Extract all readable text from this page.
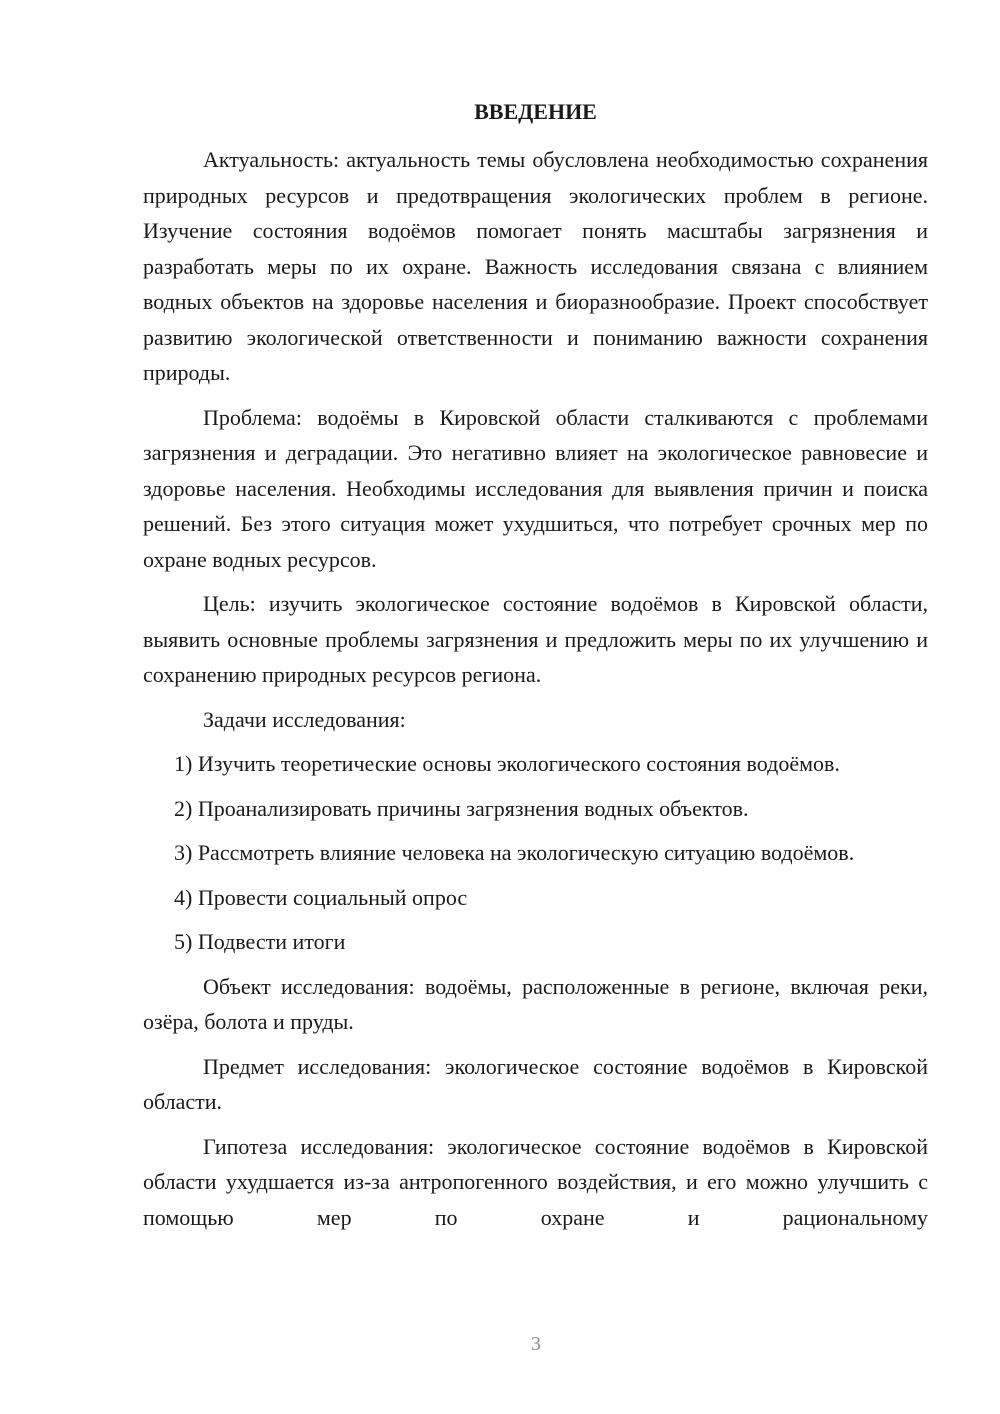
ВВЕДЕНИЕ

Актуальность: актуальность темы обусловлена необходимостью сохранения природных ресурсов и предотвращения экологических проблем в регионе. Изучение состояния водоёмов помогает понять масштабы загрязнения и разработать меры по их охране. Важность исследования связана с влиянием водных объектов на здоровье населения и биоразнообразие. Проект способствует развитию экологической ответственности и пониманию важности сохранения природы.

Проблема: водоёмы в Кировской области сталкиваются с проблемами загрязнения и деградации. Это негативно влияет на экологическое равновесие и здоровье населения. Необходимы исследования для выявления причин и поиска решений. Без этого ситуация может ухудшиться, что потребует срочных мер по охране водных ресурсов.

Цель: изучить экологическое состояние водоёмов в Кировской области, выявить основные проблемы загрязнения и предложить меры по их улучшению и сохранению природных ресурсов региона.

Задачи исследования:

1) Изучить теоретические основы экологического состояния водоёмов.

2) Проанализировать причины загрязнения водных объектов.

3) Рассмотреть влияние человека на экологическую ситуацию водоёмов.

4) Провести социальный опрос

5) Подвести итоги

Объект исследования: водоёмы, расположенные в регионе, включая реки, озёра, болота и пруды.

Предмет исследования: экологическое состояние водоёмов в Кировской области.

Гипотеза исследования: экологическое состояние водоёмов в Кировской области ухудшается из-за антропогенного воздействия, и его можно улучшить с помощью мер по охране и рациональному

3
